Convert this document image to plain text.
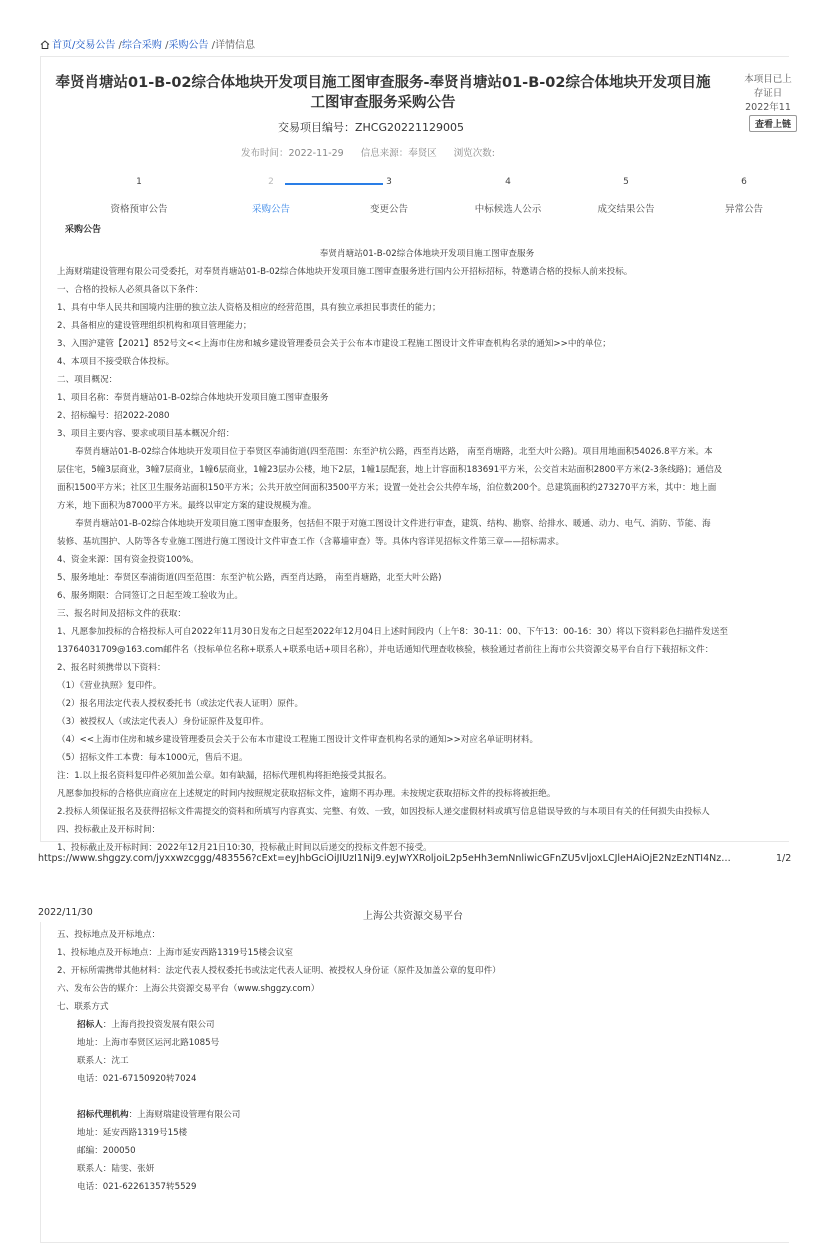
首页/交易公告 /综合采购 /采购公告 /详情信息
奉贤肖塘站01-B-02综合体地块开发项目施工图审查服务-奉贤肖塘站01-B-02综合体地块开发项目施工图审查服务采购公告
本项目已上
存证日
2022年11
查看上链
交易项目编号：ZHCG20221129005
发布时间：2022-11-29 信息来源：奉贤区 浏览次数:
1
资格预审公告
2
采购公告
3
变更公告
4
中标候选人公示
5
成交结果公告
6
异常公告

采购公告

奉贤肖塘站01-B-02综合体地块开发项目施工图审查服务

上海财瑞建设管理有限公司受委托，对奉贤肖塘站01-B-02综合体地块开发项目施工图审查服务进行国内公开招标招标，特邀请合格的投标人前来投标。

一、合格的投标人必须具备以下条件：

1、具有中华人民共和国境内注册的独立法人资格及相应的经营范围，具有独立承担民事责任的能力；

2、具备相应的建设管理组织机构和项目管理能力；

3、入围沪建管【2021】852号文<<上海市住房和城乡建设管理委员会关于公布本市建设工程施工图设计文件审查机构名录的通知>>中的单位；

4、本项目不接受联合体投标。

二、项目概况：

1、项目名称：奉贤肖塘站01-B-02综合体地块开发项目施工图审查服务

2、招标编号：招2022-2080

3、项目主要内容、要求或项目基本概况介绍：

奉贤肖塘站01-B-02综合体地块开发项目位于奉贤区奉浦街道(四至范围：东至沪杭公路，西至肖达路， 南至肖塘路，北至大叶公路)。项目用地面积54026.8平方米。本

层住宅，5幢3层商业，3幢7层商业，1幢6层商业，1幢23层办公楼，地下2层，1幢1层配套，地上计容面积183691平方米，公交首末站面积2800平方米(2-3条线路)；通信及

面积1500平方米；社区卫生服务站面积150平方米；公共开放空间面积3500平方米；设置一处社会公共停车场，泊位数200个。总建筑面积约273270平方米，其中：地上面

方米，地下面积为87000平方米。最终以审定方案的建设规模为准。

奉贤肖塘站01-B-02综合体地块开发项目施工图审查服务，包括但不限于对施工图设计文件进行审查，建筑、结构、勘察、给排水、暖通、动力、电气、消防、节能、海

装修、基坑围护、人防等各专业施工图进行施工图设计文件审查工作（含幕墙审查）等。具体内容详见招标文件第三章——招标需求。

4、资金来源：国有资金投资100%。

5、服务地址：奉贤区奉浦街道(四至范围：东至沪杭公路，西至肖达路， 南至肖塘路，北至大叶公路)

6、服务期限：合同签订之日起至竣工验收为止。

三、报名时间及招标文件的获取：

1、凡愿参加投标的合格投标人可自2022年11月30日发布之日起至2022年12月04日上述时间段内（上午8：30-11：00、下午13：00-16：30）将以下资料彩色扫描件发送至

13764031709@163.com邮件名（投标单位名称+联系人+联系电话+项目名称），并电话通知代理查收核验，核验通过者前往上海市公共资源交易平台自行下载招标文件：

2、报名时须携带以下资料：

（1）《营业执照》复印件。

（2）报名用法定代表人授权委托书（或法定代表人证明）原件。

（3）被授权人（或法定代表人）身份证原件及复印件。

（4）<<上海市住房和城乡建设管理委员会关于公布本市建设工程施工图设计文件审查机构名录的通知>>对应名单证明材料。

（5）招标文件工本费：每本1000元，售后不退。

注：1.以上报名资料复印件必须加盖公章。如有缺漏，招标代理机构将拒绝接受其报名。

凡愿参加投标的合格供应商应在上述规定的时间内按照规定获取招标文件，逾期不再办理。未按规定获取招标文件的投标将被拒绝。

2.投标人须保证报名及获得招标文件需提交的资料和所填写内容真实、完整、有效、一致，如因投标人递交虚假材料或填写信息错误导致的与本项目有关的任何损失由投标人

四、投标截止及开标时间：

1、投标截止及开标时间：2022年12月21日10:30，投标截止时间以后递交的投标文件恕不接受。

https://www.shggzy.com/jyxxwzcggg/483556?cExt=eyJhbGciOiJIUzI1NiJ9.eyJwYXRoljoiL2p5eHh3emNnliwicGFnZU5vljoxLCJleHAiOjE2NzEzNTI4Nz…	1/2
2022/11/30	上海公共资源交易平台

五、投标地点及开标地点：

1、投标地点及开标地点：上海市延安西路1319号15楼会议室

2、开标所需携带其他材料：法定代表人授权委托书或法定代表人证明、被授权人身份证（原件及加盖公章的复印件）

六、发布公告的媒介：上海公共资源交易平台（www.shggzy.com）

七、联系方式

招标人：上海肖投投资发展有限公司

地址：上海市奉贤区运河北路1085号

联系人：沈工

电话：021-67150920转7024

招标代理机构：上海财瑞建设管理有限公司

地址：延安西路1319号15楼

邮编：200050

联系人：陆雯、张妍

电话：021-62261357转5529
